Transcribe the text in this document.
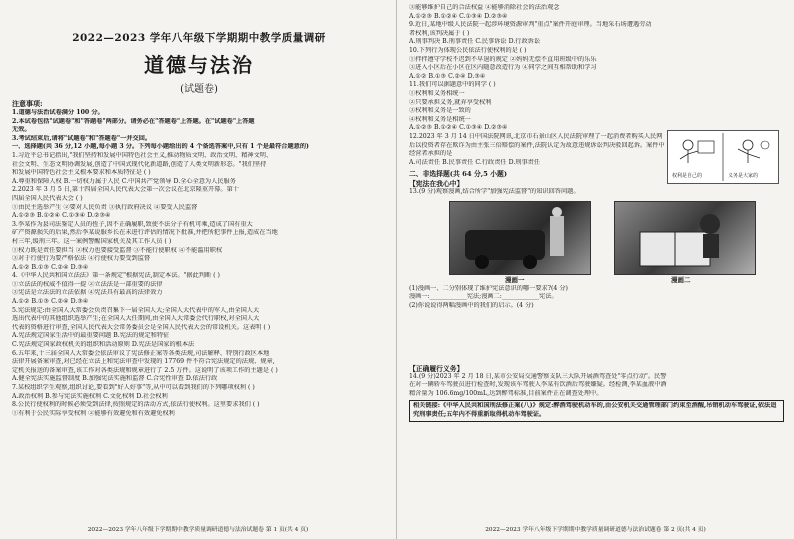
2022—2023 学年八年级下学期期中教学质量调研
道德与法治
(试题卷)
注意事项:
1.道德与法治试卷满分 100 分。
2.本试卷包括"试题卷"和"答题卷"两部分。请务必在"答题卷"上答题。在"试题卷"上答题
无效。
3.考试结束后,请将"试题卷"和"答题卷"一并交回。
一、选择题(共 36 分,12 小题,每小题 3 分。下列每小题给出的 4 个备选答案中,只有 1 个是最符合题意的)
1.习近平总书记指出,"我们坚持和发展中国特色社会主义,推动物质文明、政治文明、精神文明、
社会文明、生态文明协调发展,创造了中国式现代化新道路,创造了人类文明新形态。"我们坚持
和发展中国特色社会主义根本要求和本质特征是 ( )
A.尊重和保障人权 B.一切权力属于人民 C.中国共产党领导 D.全心全意为人民服务
2.2023 年 3 月 5 日,第十四届全国人民代表大会第一次会议在北京隆重开幕。第十
四届全国人民代表大会 ( )
①由民主选举产生 ②要对人民负责 ③执行政府决议 ④要受人民监督
A.①②③ B.①②④ C.①③④ D.②③④
3.李某作为县司法鉴定人员的侄子,因不正确履职,致使不法分子有机可乘,造成了国有重大
矿产资源损失的后果,然后李某说服乡长在未进行评估的情况下批准,并把所犯事件上报,造成在当地
村三年,缓刑三年。这一案例警醒国家机关及其工作人员 ( )
①权力既是责任要担当 ②权力也要接受监督 ③不能行使职权 ④不能滥用职权
③对于行使行为要严格依法 ④行使权力要受到监督
A.①② B.①③ C.②④ D.③④
4.《中华人民共和国立法法》第一条规定"根据宪法,制定本法。"据此判断 ( )
①立法法的权威不值得一提 ②立法法是一部重要的法律
③宪法是立法法的立法依据 ④宪法具有最高的法律效力
A.①② B.①③ C.②④ D.③④
5.宪法规定:由全国人大常委会负责召集下一届全国人大;全国人大代表中的军人,由全国人大
选出代表中的其他组织选举产生;在全国人大任期间,由全国人大常委会代行职权,对全国人大
代表的资格进行审查,全国人民代表大会常务委员会是全国人民代表大会的常设机关。这表明 ( )
A.宪法规定国家生活中的最重要问题 B.宪法的规定和特征
C.宪法规定国家政权机关的组织和活动原则 D.宪法是国家的根本法
6.五年来,十三届全国人大常委会依法审议了宪法修正案等各类法规,司法解释、特别行政区本地
法律开展备案审查,对已经在立法上和宪法审查中发现的 17769 件不符合宪法规定的法规、规章,
定机关报送的备案审查,该工作对各类法规和规章进行了 2.5 万件。这说明了该项工作的主题是 ( )
A.健全宪法实施监督制度 B.加强宪法实施和监督 C.合宪性审查 D.依法行政
7.某校组织学生观察,组织讨论,要看到"好人好事"等,从中可以看到我们的下列哪项权利 ( )
A.政治权利 B.参与宪法实施权利 C.文化权利 D.社会权利
8.公民行使权利的时候必须受到法律,按照规定的活动方式,依法行使权利。这里要求我们 ( )
①有利于公民实际享受权利 ②能够有效避免和有效避免权利
2022—2023 学年八年级下学期期中教学质量调研道德与法治试题卷 第 1 页(共 4 页)
③能够维护自己的合法权益 ④能够消除社会的法治观念
A.①②③ B.①②④ C.①③④ D.②③④
9.近日,某地中级人民法院一起涉环境资源审判"重点"案件开庭审理。当地采石场遭遇劳动
者权利,该判决属于 ( )
A.刑事判决 B.刑事责任 C.民事诉讼 D.行政诉讼
10.下列行为体现公民依法行使权利的是 ( )
①拌拌遵守学校不迟到不早退的规定 ②妈妈无偿不直用班级中的乐乐
③进入小区后在小区在区内随意改造行为 ④同学之间互相帮助和学习
A.①② B.①③ C.②④ D.③④
11.我们可以据题意中的同学 ( )
①权利和义务相统一
②只要承担义务,就弃享受权利
③权利和义务是一致的
④权利和义务是相统一
A.①②③ B.①②④ C.①③④ D.②③④
12.2023 年 3 月 14 日中国法院网讯,北京市石景山区人民法院审理了一起消费者购买人民网
后以投资者存在欺诈为由主张三倍赔偿的案件,法院认定为故意违规诉讼判决驳回起诉。案件中
经营者承担的是
A.司法责任 B.民事责任 C.行政责任 D.刑事责任
权利是自己的	义务是大家的
二、非选择题(共 64 分,5 小题)
【宪法在我心中】
13.(9 分)观察漫画,结合所学"加强宪法监督"的知识回答问题。
漫画一	漫画二
(1)漫画一、二分别体现了维护宪法意识的哪一要求?(4 分)
漫画一:____________宪法;漫画二:____________宪法。
(2)你说说得两幅漫画中的我们的启示。(4 分)
【正确履行义务】
14.(9 分)2023 年 2 月 18 日,某市公安局交通警察支队三大队开展酒驾查处"零点行动"。民警
在对一辆轿车驾驶员进行检查时,发现该车驾驶人李某有饮酒后驾驶嫌疑。经检测,李某血液中酒
精含量为 106.6mg/100mL,达到醉驾标准,目前案件正在调查处理中。
相关链接:《中华人民共和国刑法修正案(八)》规定:醉酒驾驶机动车的,由公安机关交通管理部门约束至酒醒,吊销机动车驾驶证,依法追究刑事责任;五年内不得重新取得机动车驾驶证。
2022—2023 学年八年级下学期期中教学质量调研道德与法治试题卷 第 2 页(共 4 页)
